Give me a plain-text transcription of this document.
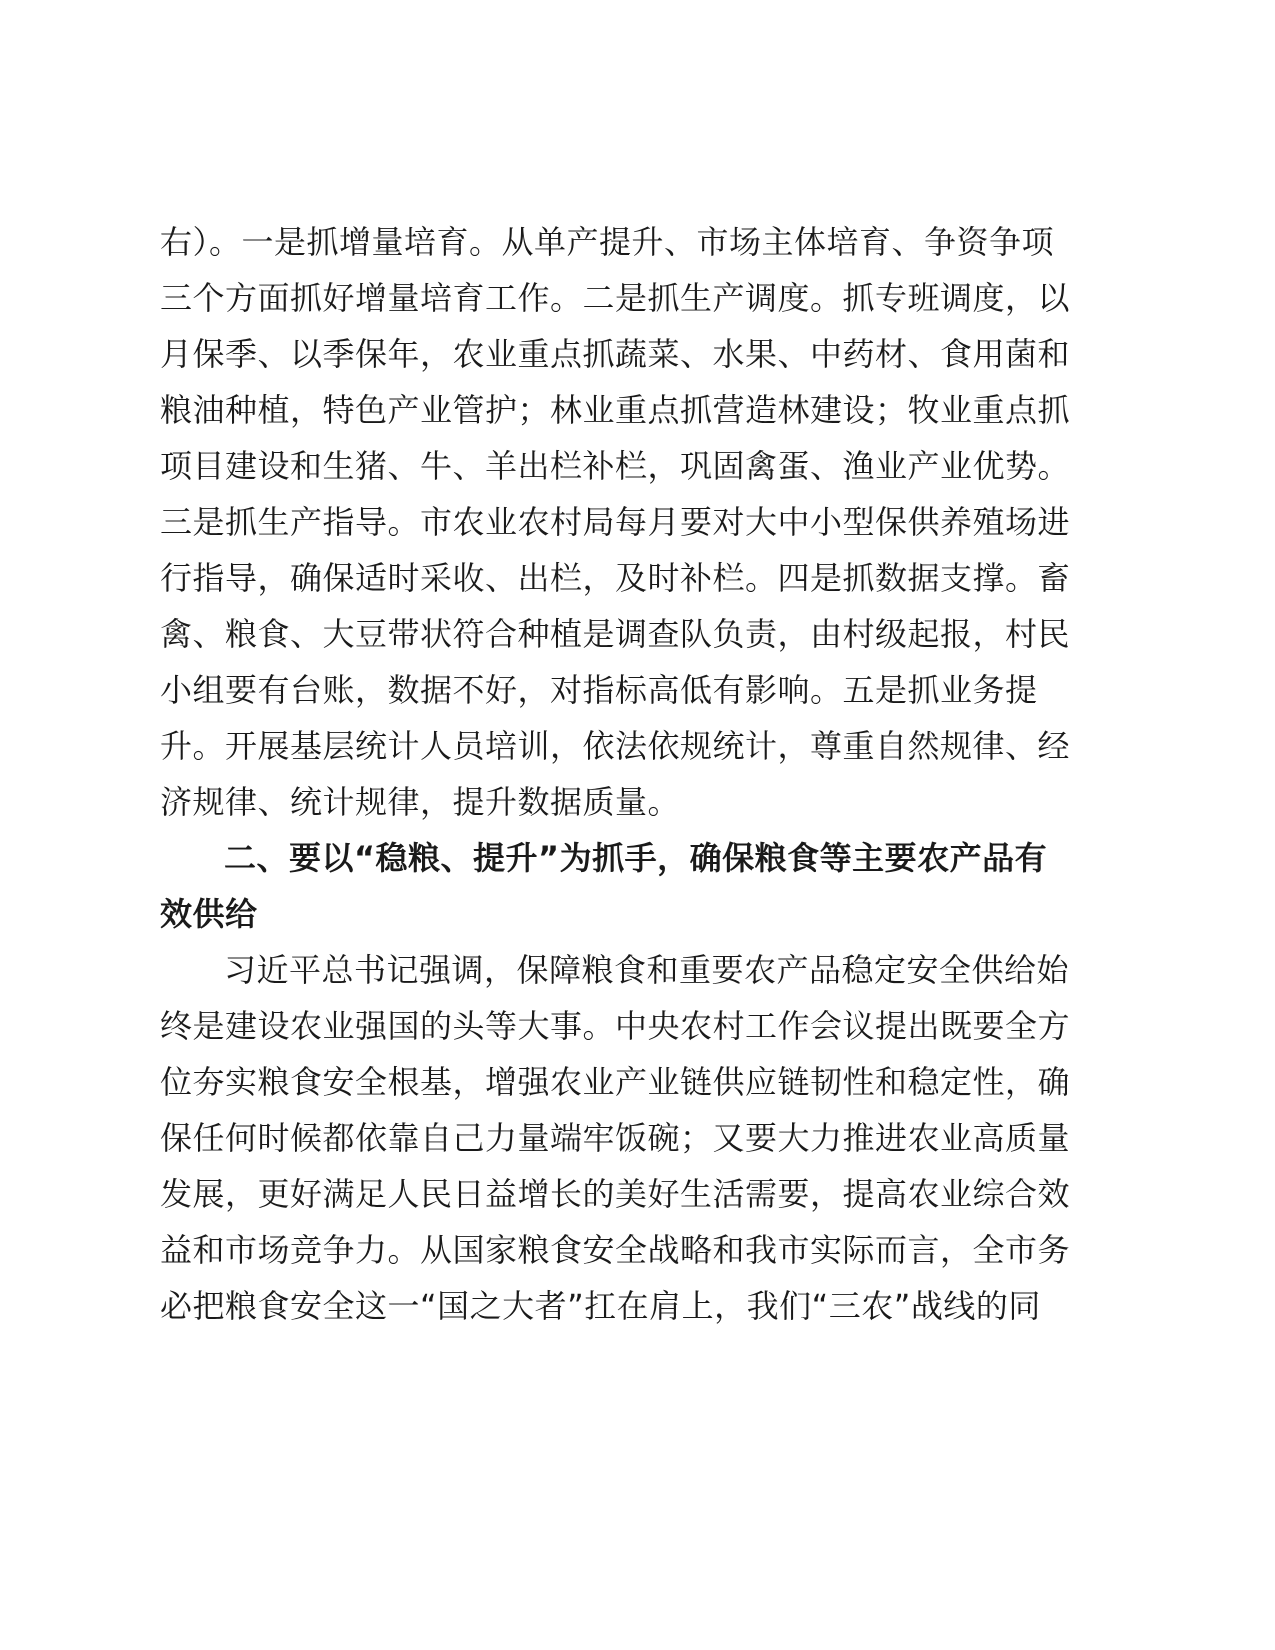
右）。一是抓增量培育。从单产提升、市场主体培育、争资争项
三个方面抓好增量培育工作。二是抓生产调度。抓专班调度，以
月保季、以季保年，农业重点抓蔬菜、水果、中药材、食用菌和
粮油种植，特色产业管护；林业重点抓营造林建设；牧业重点抓
项目建设和生猪、牛、羊出栏补栏，巩固禽蛋、渔业产业优势。
三是抓生产指导。市农业农村局每月要对大中小型保供养殖场进
行指导，确保适时采收、出栏，及时补栏。四是抓数据支撑。畜
禽、粮食、大豆带状符合种植是调查队负责，由村级起报，村民
小组要有台账，数据不好，对指标高低有影响。五是抓业务提
升。开展基层统计人员培训，依法依规统计，尊重自然规律、经
济规律、统计规律，提升数据质量。
二、要以“稳粮、提升”为抓手，确保粮食等主要农产品有
效供给
习近平总书记强调，保障粮食和重要农产品稳定安全供给始
终是建设农业强国的头等大事。中央农村工作会议提出既要全方
位夯实粮食安全根基，增强农业产业链供应链韧性和稳定性，确
保任何时候都依靠自己力量端牢饭碗；又要大力推进农业高质量
发展，更好满足人民日益增长的美好生活需要，提高农业综合效
益和市场竞争力。从国家粮食安全战略和我市实际而言，全市务
必把粮食安全这一“国之大者”扛在肩上，我们“三农”战线的同
